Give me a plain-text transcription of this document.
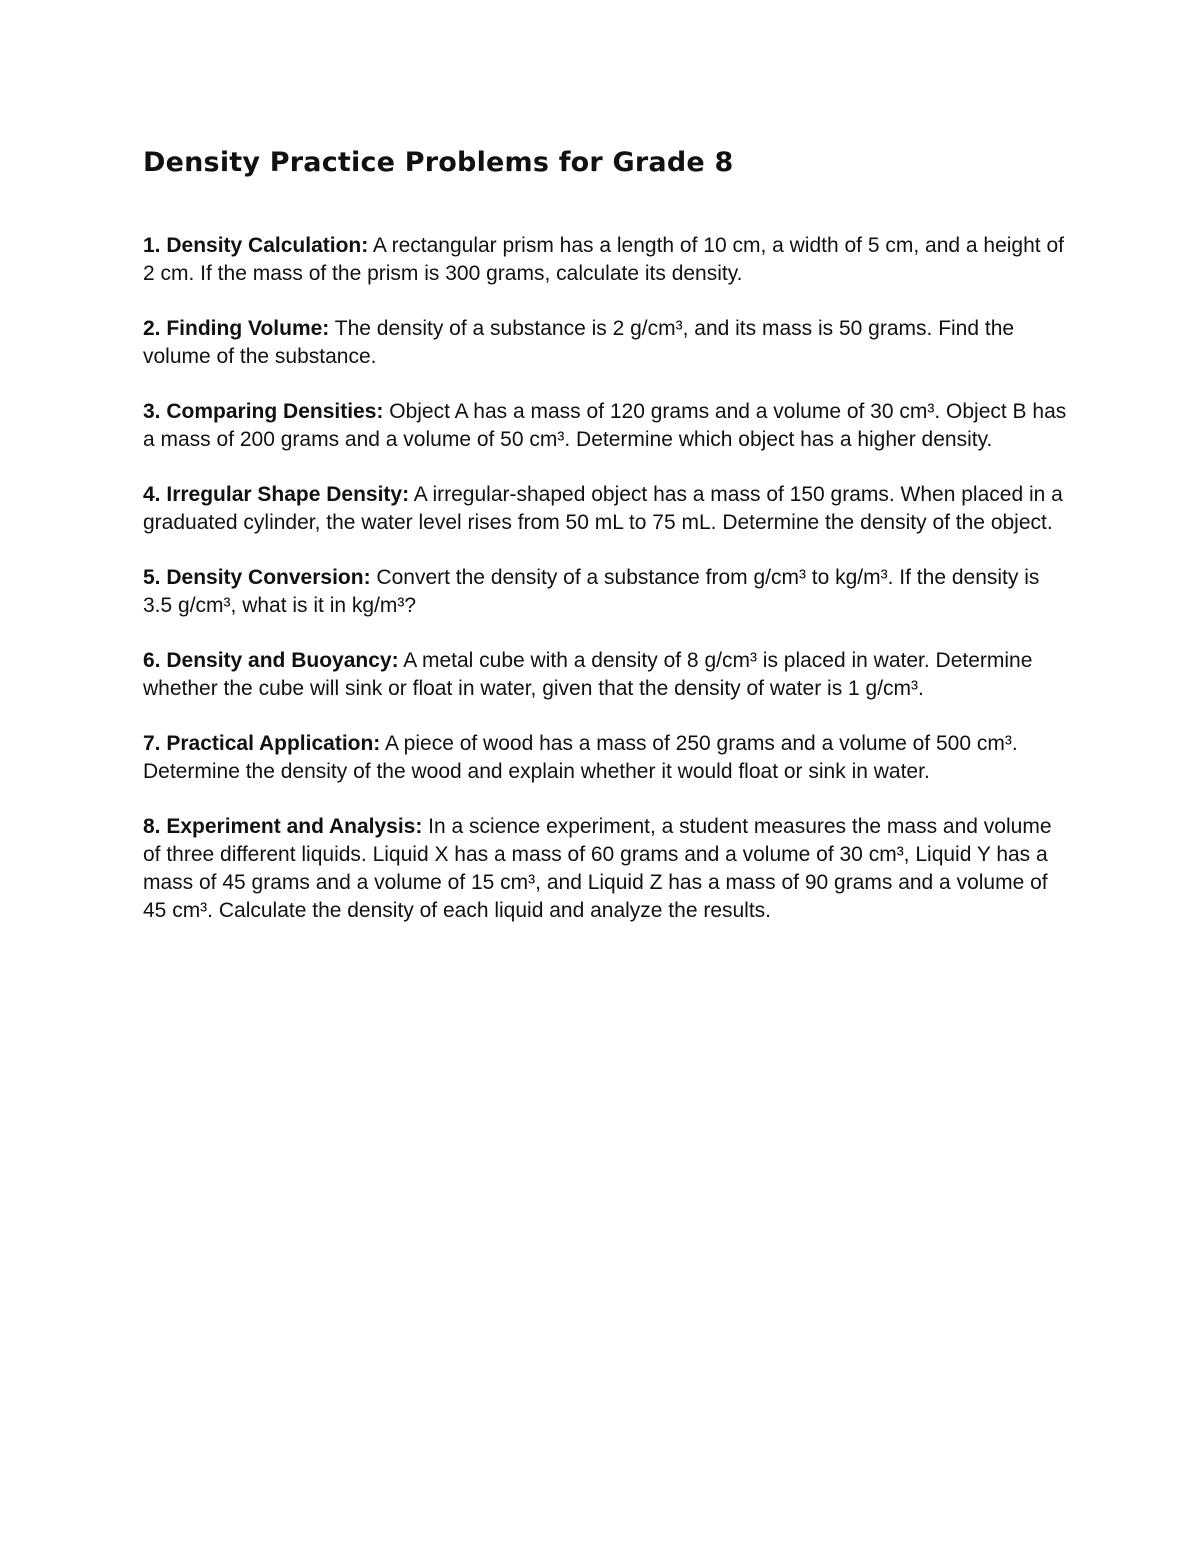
Density Practice Problems for Grade 8
1. Density Calculation: A rectangular prism has a length of 10 cm, a width of 5 cm, and a height of 2 cm. If the mass of the prism is 300 grams, calculate its density.
2. Finding Volume: The density of a substance is 2 g/cm³, and its mass is 50 grams. Find the volume of the substance.
3. Comparing Densities: Object A has a mass of 120 grams and a volume of 30 cm³. Object B has a mass of 200 grams and a volume of 50 cm³. Determine which object has a higher density.
4. Irregular Shape Density: A irregular-shaped object has a mass of 150 grams. When placed in a graduated cylinder, the water level rises from 50 mL to 75 mL. Determine the density of the object.
5. Density Conversion: Convert the density of a substance from g/cm³ to kg/m³. If the density is 3.5 g/cm³, what is it in kg/m³?
6. Density and Buoyancy: A metal cube with a density of 8 g/cm³ is placed in water. Determine whether the cube will sink or float in water, given that the density of water is 1 g/cm³.
7. Practical Application: A piece of wood has a mass of 250 grams and a volume of 500 cm³. Determine the density of the wood and explain whether it would float or sink in water.
8. Experiment and Analysis: In a science experiment, a student measures the mass and volume of three different liquids. Liquid X has a mass of 60 grams and a volume of 30 cm³, Liquid Y has a mass of 45 grams and a volume of 15 cm³, and Liquid Z has a mass of 90 grams and a volume of 45 cm³. Calculate the density of each liquid and analyze the results.
